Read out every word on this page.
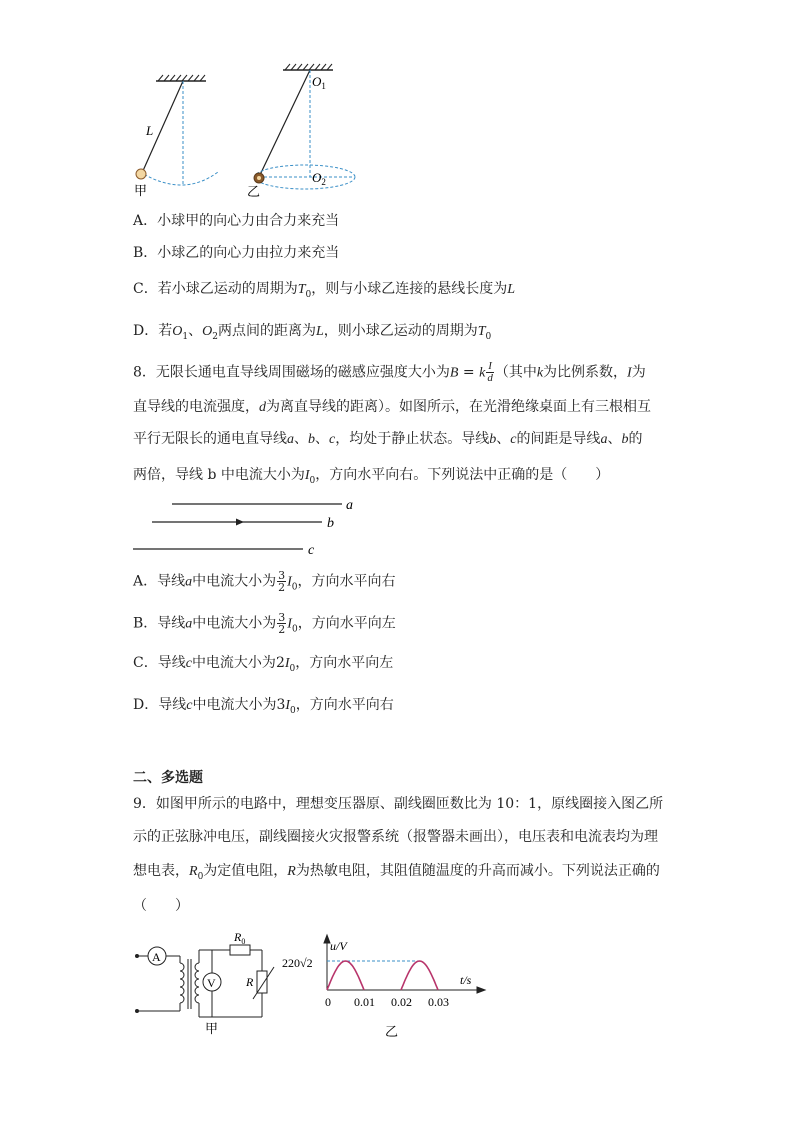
L
甲
$O_1$
$O_2$
乙
A．小球甲的向心力由合力来充当
B．小球乙的向心力由拉力来充当
C．若小球乙运动的周期为$T_0$，则与小球乙连接的悬线长度为L
D．若$O_1$、$O_2$两点间的距离为L，则小球乙运动的周期为$T_0$
8．无限长通电直导线周围磁场的磁感应强度大小为B = k $\frac{I}{d}$ （其中k为比例系数，I为
直导线的电流强度，d为离直导线的距离）。如图所示，在光滑绝缘桌面上有三根相互
平行无限长的通电直导线a、b、c，均处于静止状态。导线b、c的间距是导线a、b的
两倍，导线 b 中电流大小为$I_0$，方向水平向右。下列说法中正确的是（　　）
a
b
c
A．导线a中电流大小为 $\frac{3}{2} I_0$，方向水平向右
B．导线a中电流大小为 $\frac{3}{2} I_0$，方向水平向左
C．导线c中电流大小为$2I_0$，方向水平向左
D．导线c中电流大小为$3I_0$，方向水平向右
二、多选题
9．如图甲所示的电路中，理想变压器原、副线圈匝数比为 10：1，原线圈接入图乙所
示的正弦脉冲电压，副线圈接火灾报警系统（报警器未画出），电压表和电流表均为理
想电表，$R_0$为定值电阻，R为热敏电阻，其阻值随温度的升高而减小。下列说法正确的
（　　）
A
V
$R_0$
R
甲
0.01 0.02 0.03
u/V
t/s
220√2
0
乙
